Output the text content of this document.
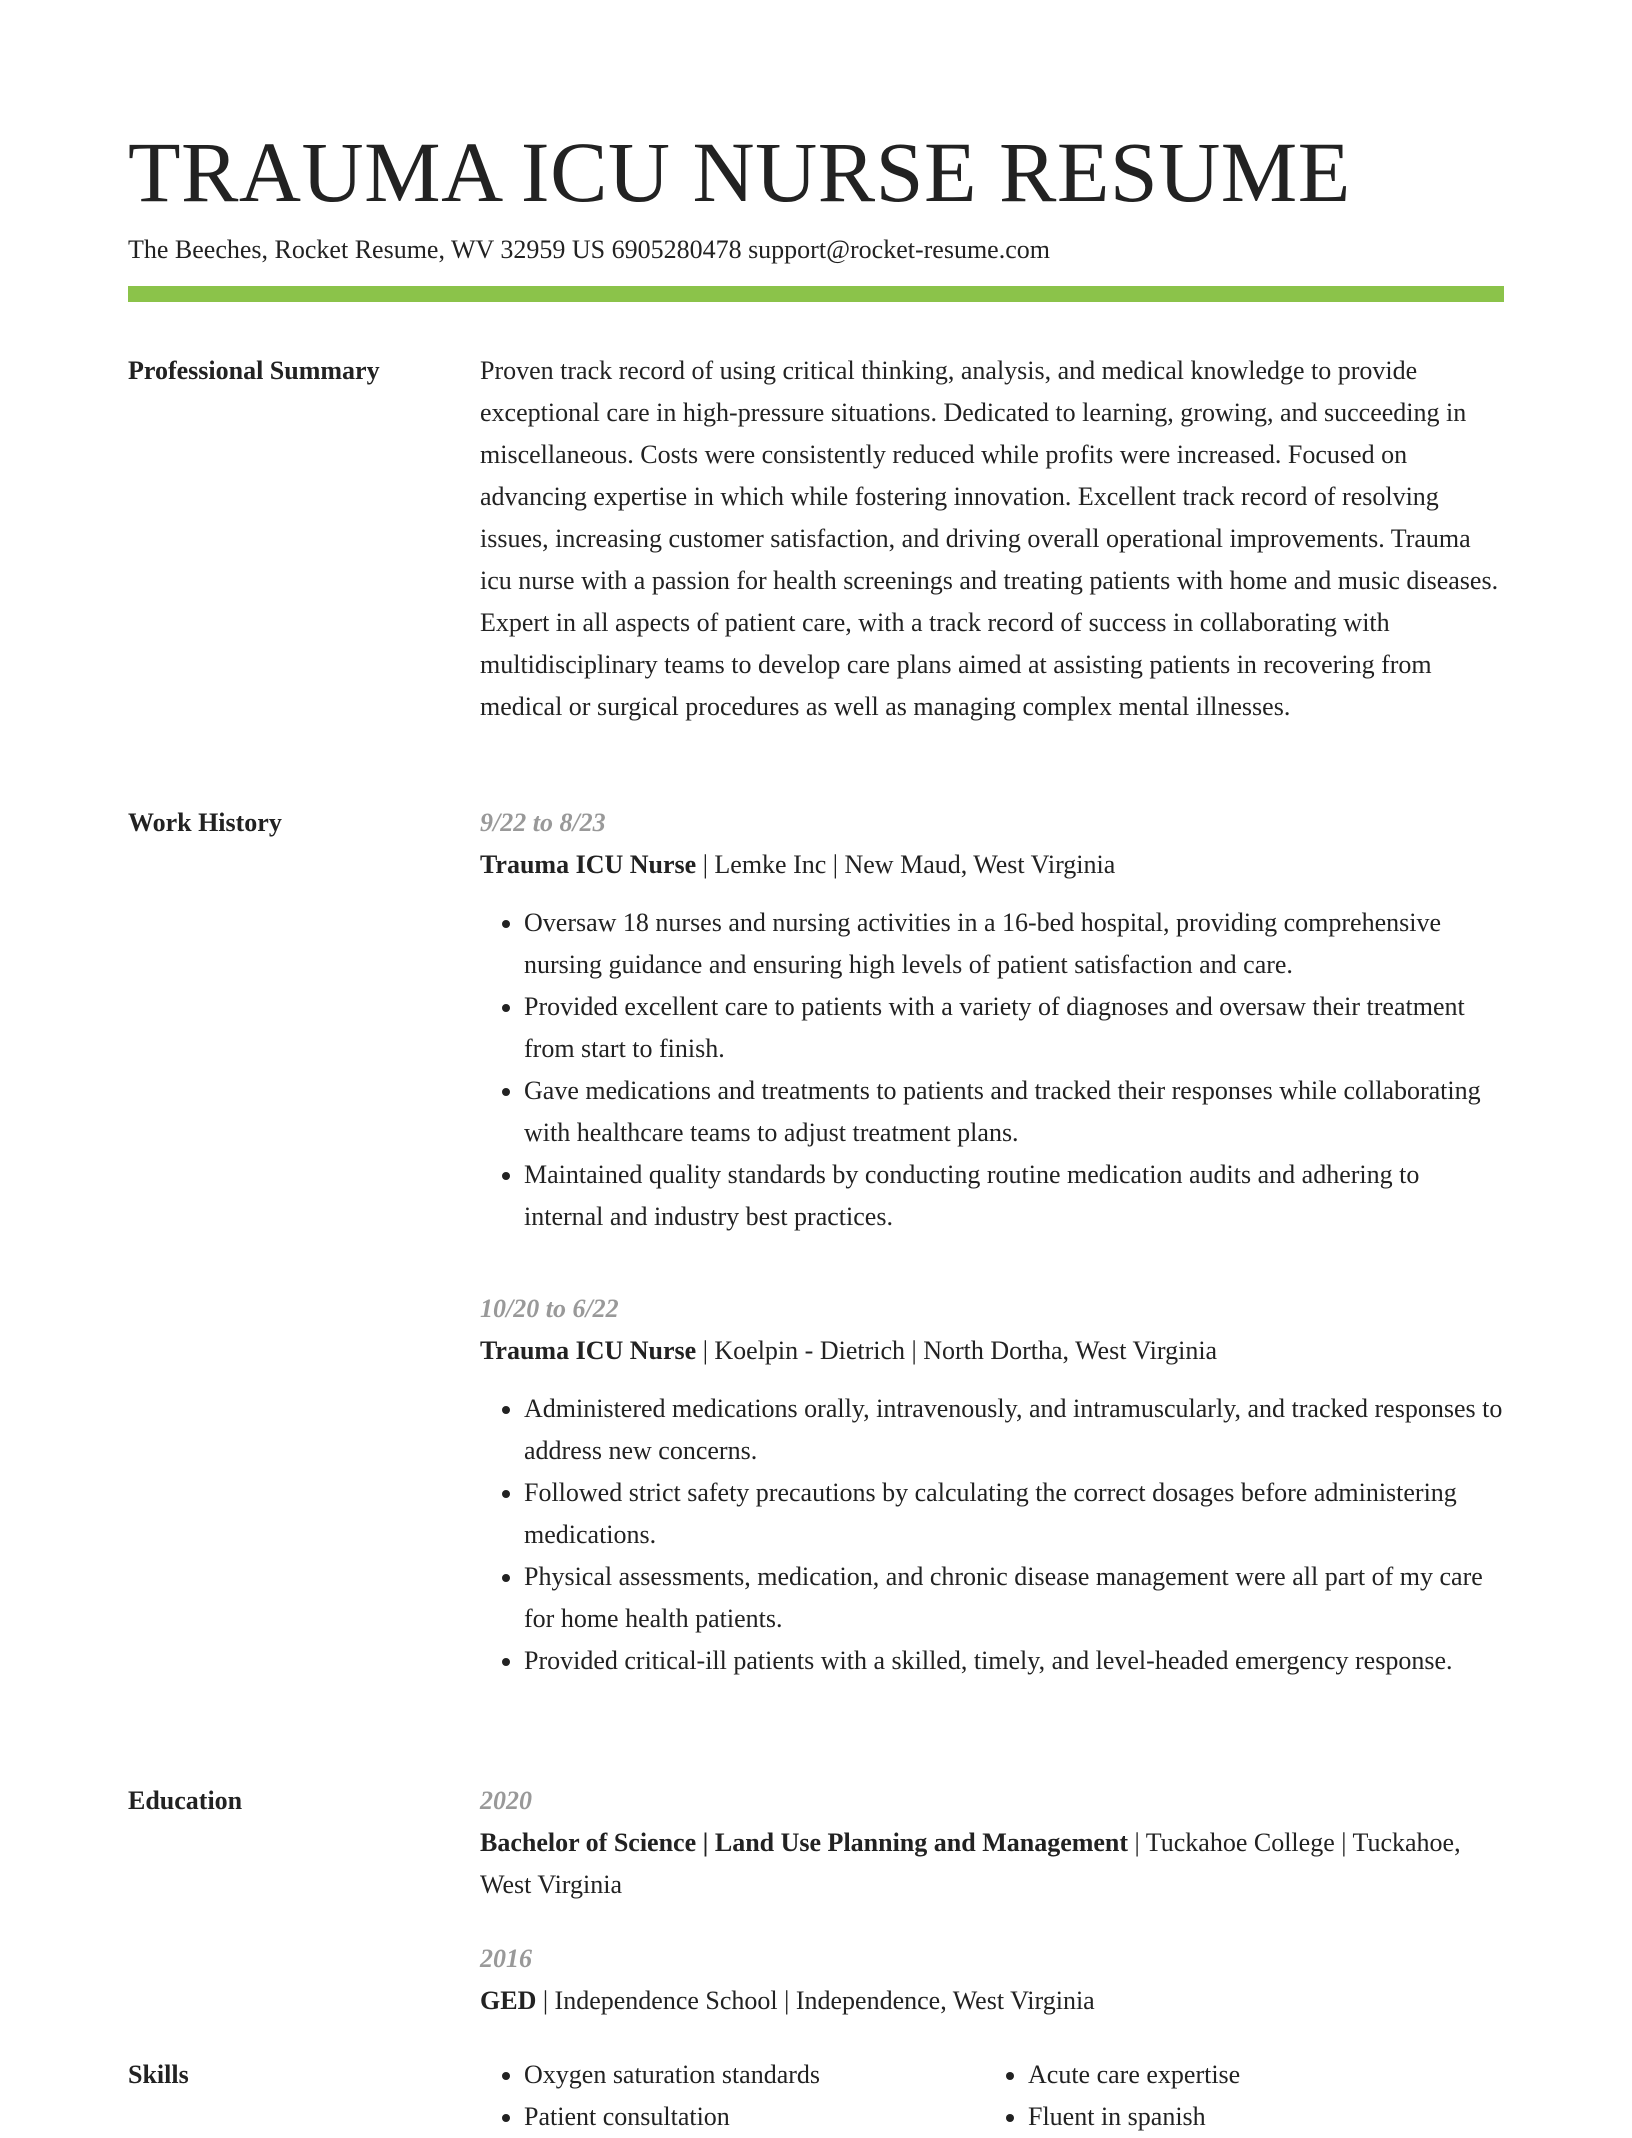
TRAUMA ICU NURSE RESUME
The Beeches, Rocket Resume, WV 32959 US 6905280478 support@rocket-resume.com
Professional Summary	Proven track record of using critical thinking, analysis, and medical knowledge to provide exceptional care in high-pressure situations. Dedicated to learning, growing, and succeeding in miscellaneous. Costs were consistently reduced while profits were increased. Focused on advancing expertise in which while fostering innovation. Excellent track record of resolving issues, increasing customer satisfaction, and driving overall operational improvements. Trauma icu nurse with a passion for health screenings and treating patients with home and music diseases. Expert in all aspects of patient care, with a track record of success in collaborating with multidisciplinary teams to develop care plans aimed at assisting patients in recovering from medical or surgical procedures as well as managing complex mental illnesses.

Work History	9/22 to 8/23
Trauma ICU Nurse | Lemke Inc | New Maud, West Virginia
• Oversaw 18 nurses and nursing activities in a 16-bed hospital, providing comprehensive nursing guidance and ensuring high levels of patient satisfaction and care.
• Provided excellent care to patients with a variety of diagnoses and oversaw their treatment from start to finish.
• Gave medications and treatments to patients and tracked their responses while collaborating with healthcare teams to adjust treatment plans.
• Maintained quality standards by conducting routine medication audits and adhering to internal and industry best practices.
10/20 to 6/22
Trauma ICU Nurse | Koelpin - Dietrich | North Dortha, West Virginia
• Administered medications orally, intravenously, and intramuscularly, and tracked responses to address new concerns.
• Followed strict safety precautions by calculating the correct dosages before administering medications.
• Physical assessments, medication, and chronic disease management were all part of my care for home health patients.
• Provided critical-ill patients with a skilled, timely, and level-headed emergency response.
Education	2020
Bachelor of Science | Land Use Planning and Management | Tuckahoe College | Tuckahoe, West Virginia
2016
GED | Independence School | Independence, West Virginia
Skills
•	Oxygen saturation standards
• Patient consultation
• Acute care expertise
• Fluent in spanish
